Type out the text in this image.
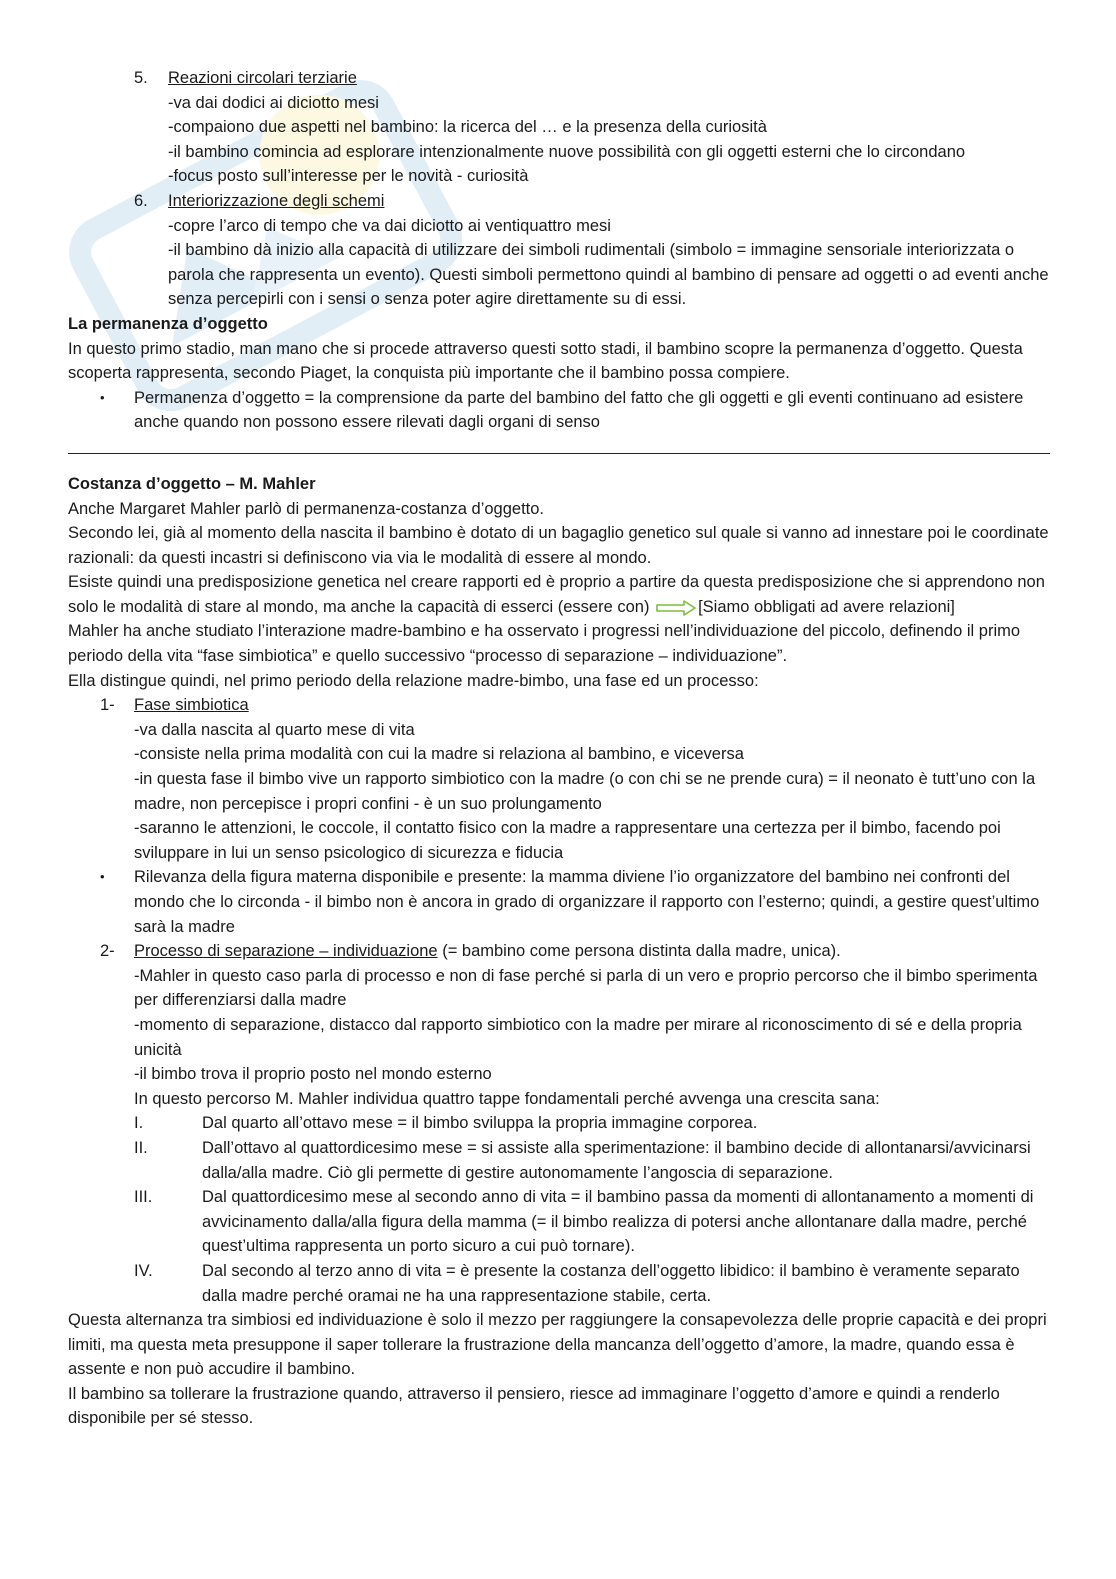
5. Reazioni circolari terziarie

-va dai dodici ai diciotto mesi

-compaiono due aspetti nel bambino: la ricerca del … e la presenza della curiosità

-il bambino comincia ad esplorare intenzionalmente nuove possibilità con gli oggetti esterni che lo circondano

-focus posto sull’interesse per le novità - curiosità

6. Interiorizzazione degli schemi

-copre l’arco di tempo che va dai diciotto ai ventiquattro mesi

-il bambino dà inizio alla capacità di utilizzare dei simboli rudimentali (simbolo = immagine sensoriale interiorizzata o parola che rappresenta un evento). Questi simboli permettono quindi al bambino di pensare ad oggetti o ad eventi anche senza percepirli con i sensi o senza poter agire direttamente su di essi.

La permanenza d’oggetto

In questo primo stadio, man mano che si procede attraverso questi sotto stadi, il bambino scopre la permanenza d’oggetto. Questa scoperta rappresenta, secondo Piaget, la conquista più importante che il bambino possa compiere.

• Permanenza d’oggetto = la comprensione da parte del bambino del fatto che gli oggetti e gli eventi continuano ad esistere anche quando non possono essere rilevati dagli organi di senso

Costanza d’oggetto – M. Mahler

Anche Margaret Mahler parlò di permanenza-costanza d’oggetto.

Secondo lei, già al momento della nascita il bambino è dotato di un bagaglio genetico sul quale si vanno ad innestare poi le coordinate razionali: da questi incastri si definiscono via via le modalità di essere al mondo.

Esiste quindi una predisposizione genetica nel creare rapporti ed è proprio a partire da questa predisposizione che si apprendono non solo le modalità di stare al mondo, ma anche la capacità di esserci (essere con)	[Siamo obbligati ad avere relazioni]

Mahler ha anche studiato l’interazione madre-bambino e ha osservato i progressi nell’individuazione del piccolo, definendo il primo periodo della vita “fase simbiotica” e quello successivo “processo di separazione – individuazione”.

Ella distingue quindi, nel primo periodo della relazione madre-bimbo, una fase ed un processo:

1- Fase simbiotica

-va dalla nascita al quarto mese di vita

-consiste nella prima modalità con cui la madre si relaziona al bambino, e viceversa

-in questa fase il bimbo vive un rapporto simbiotico con la madre (o con chi se ne prende cura) = il neonato è tutt’uno con la madre, non percepisce i propri confini - è un suo prolungamento

-saranno le attenzioni, le coccole, il contatto fisico con la madre a rappresentare una certezza per il bimbo, facendo poi sviluppare in lui un senso psicologico di sicurezza e fiducia

• Rilevanza della figura materna disponibile e presente: la mamma diviene l’io organizzatore del bambino nei confronti del mondo che lo circonda - il bimbo non è ancora in grado di organizzare il rapporto con l’esterno; quindi, a gestire quest’ultimo sarà la madre

2- Processo di separazione – individuazione (= bambino come persona distinta dalla madre, unica).

-Mahler in questo caso parla di processo e non di fase perché si parla di un vero e proprio percorso che il bimbo sperimenta per differenziarsi dalla madre

-momento di separazione, distacco dal rapporto simbiotico con la madre per mirare al riconoscimento di sé e della propria unicità

-il bimbo trova il proprio posto nel mondo esterno

In questo percorso M. Mahler individua quattro tappe fondamentali perché avvenga una crescita sana:

I.	Dal quarto all’ottavo mese = il bimbo sviluppa la propria immagine corporea.

II.	Dall’ottavo al quattordicesimo mese = si assiste alla sperimentazione: il bambino decide di allontanarsi/avvicinarsi dalla/alla madre. Ciò gli permette di gestire autonomamente l’angoscia di separazione.

III.	Dal quattordicesimo mese al secondo anno di vita = il bambino passa da momenti di allontanamento a momenti di avvicinamento dalla/alla figura della mamma (= il bimbo realizza di potersi anche allontanare dalla madre, perché quest’ultima rappresenta un porto sicuro a cui può tornare).

IV.	Dal secondo al terzo anno di vita = è presente la costanza dell’oggetto libidico: il bambino è veramente separato dalla madre perché oramai ne ha una rappresentazione stabile, certa.

Questa alternanza tra simbiosi ed individuazione è solo il mezzo per raggiungere la consapevolezza delle proprie capacità e dei propri limiti, ma questa meta presuppone il saper tollerare la frustrazione della mancanza dell’oggetto d’amore, la madre, quando essa è assente e non può accudire il bambino.

Il bambino sa tollerare la frustrazione quando, attraverso il pensiero, riesce ad immaginare l’oggetto d’amore e quindi a renderlo disponibile per sé stesso.
